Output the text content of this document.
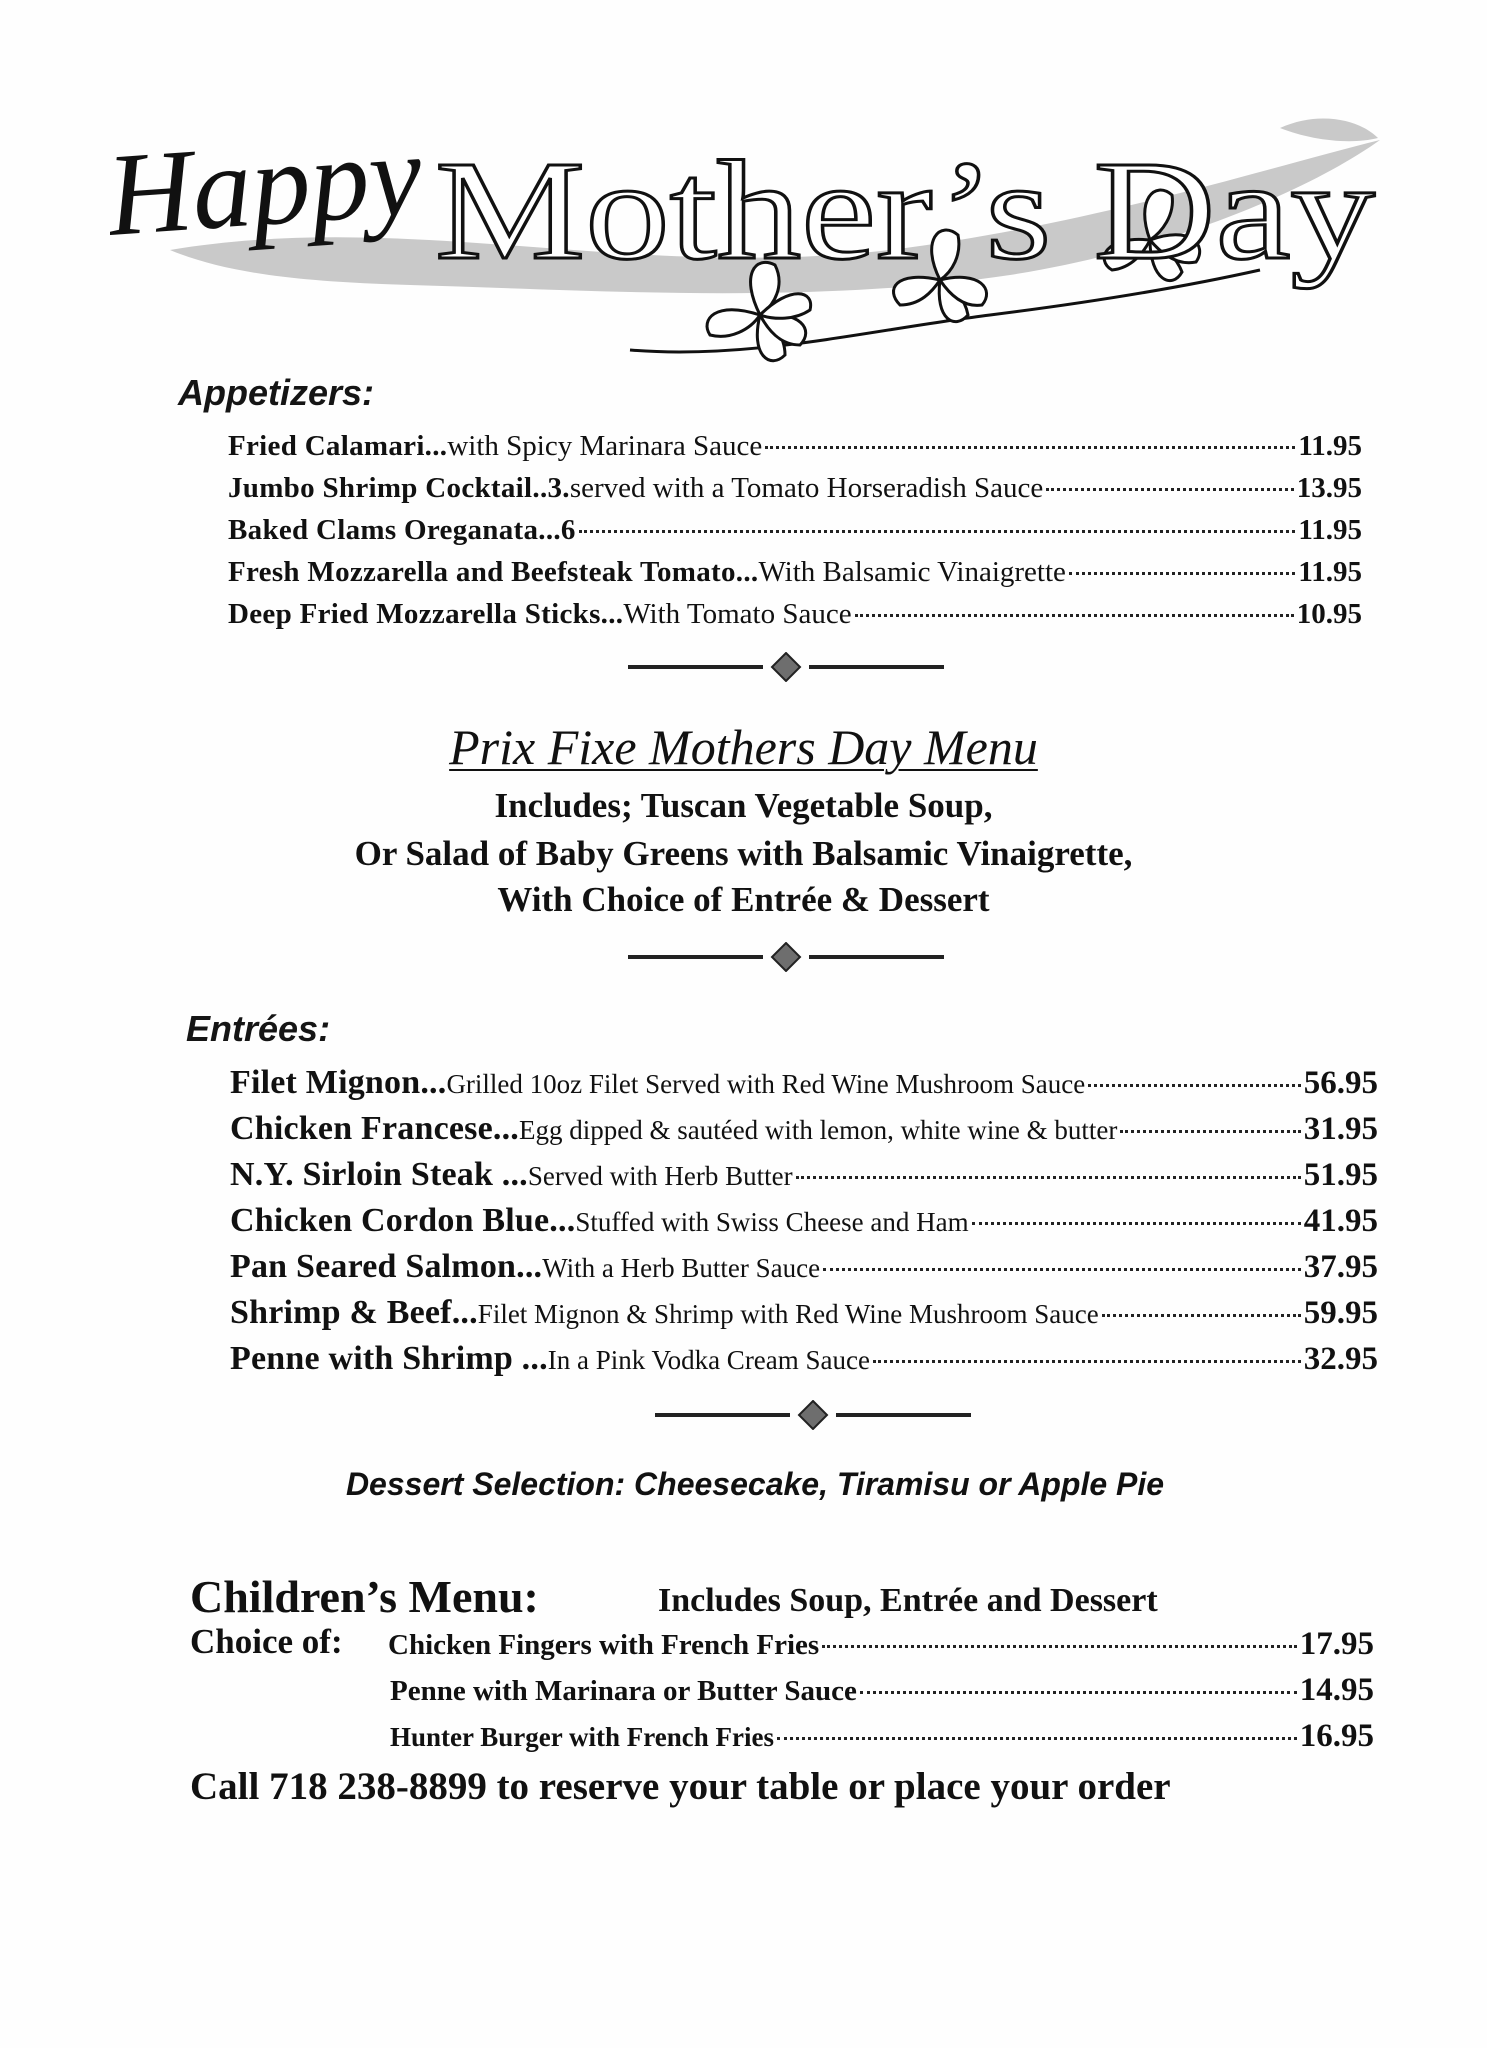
Happy Mother’s Day
Appetizers:
Fried Calamari... with Spicy Marinara Sauce	11.95
Jumbo Shrimp Cocktail..3. served with a Tomato Horseradish Sauce	13.95
Baked Clams Oreganata...6	11.95
Fresh Mozzarella and Beefsteak Tomato... With Balsamic Vinaigrette	11.95
Deep Fried Mozzarella Sticks... With Tomato Sauce	10.95
Prix Fixe Mothers Day Menu
Includes; Tuscan Vegetable Soup,
Or Salad of Baby Greens with Balsamic Vinaigrette,
With Choice of Entrée & Dessert
Entrées:
Filet Mignon... Grilled 10oz Filet Served with Red Wine Mushroom Sauce	56.95
Chicken Francese... Egg dipped & sautéed with lemon, white wine & butter	31.95
N.Y. Sirloin Steak ... Served with Herb Butter	51.95
Chicken Cordon Blue... Stuffed with Swiss Cheese and Ham	41.95
Pan Seared Salmon... With a Herb Butter Sauce	37.95
Shrimp & Beef... Filet Mignon & Shrimp with Red Wine Mushroom Sauce	59.95
Penne with Shrimp ... In a Pink Vodka Cream Sauce	32.95
Dessert Selection: Cheesecake, Tiramisu or Apple Pie
Children’s Menu:	Includes Soup, Entrée and Dessert
Choice of: Chicken Fingers with French Fries	17.95
Penne with Marinara or Butter Sauce	14.95
Hunter Burger with French Fries	16.95
Call 718 238-8899 to reserve your table or place your order
